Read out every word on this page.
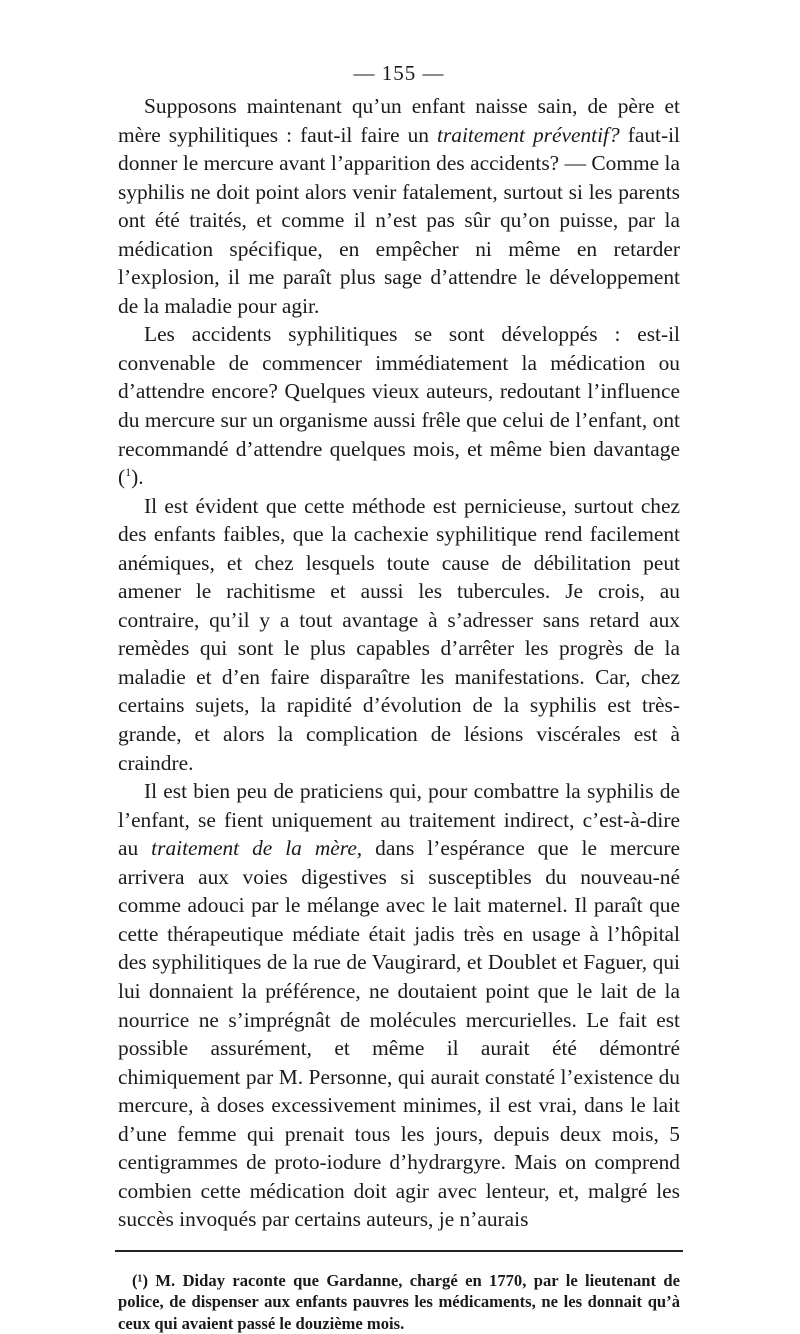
— 155 —

Supposons maintenant qu’un enfant naisse sain, de père et mère syphilitiques : faut-il faire un traitement préventif? faut-il donner le mercure avant l’apparition des accidents? — Comme la syphilis ne doit point alors venir fatalement, surtout si les parents ont été traités, et comme il n’est pas sûr qu’on puisse, par la médication spécifique, en empêcher ni même en retarder l’explosion, il me paraît plus sage d’attendre le développement de la maladie pour agir.

Les accidents syphilitiques se sont développés : est-il convenable de commencer immédiatement la médication ou d’attendre encore? Quelques vieux auteurs, redoutant l’influence du mercure sur un organisme aussi frêle que celui de l’enfant, ont recommandé d’attendre quelques mois, et même bien davantage ($^1$).

Il est évident que cette méthode est pernicieuse, surtout chez des enfants faibles, que la cachexie syphilitique rend facilement anémiques, et chez lesquels toute cause de débilitation peut amener le rachitisme et aussi les tubercules. Je crois, au contraire, qu’il y a tout avantage à s’adresser sans retard aux remèdes qui sont le plus capables d’arrêter les progrès de la maladie et d’en faire disparaître les manifestations. Car, chez certains sujets, la rapidité d’évolution de la syphilis est très-grande, et alors la complication de lésions viscérales est à craindre.

Il est bien peu de praticiens qui, pour combattre la syphilis de l’enfant, se fient uniquement au traitement indirect, c’est-à-dire au traitement de la mère, dans l’espérance que le mercure arrivera aux voies digestives si susceptibles du nouveau-né comme adouci par le mélange avec le lait maternel. Il paraît que cette thérapeutique médiate était jadis très en usage à l’hôpital des syphilitiques de la rue de Vaugirard, et Doublet et Faguer, qui lui donnaient la préférence, ne doutaient point que le lait de la nourrice ne s’imprégnât de molécules mercurielles. Le fait est possible assurément, et même il aurait été démontré chimiquement par M. Personne, qui aurait constaté l’existence du mercure, à doses excessivement minimes, il est vrai, dans le lait d’une femme qui prenait tous les jours, depuis deux mois, 5 centigrammes de proto-iodure d’hydrargyre. Mais on comprend combien cette médication doit agir avec lenteur, et, malgré les succès invoqués par certains auteurs, je n’aurais

(¹) M. Diday raconte que Gardanne, chargé en 1770, par le lieutenant de police, de dispenser aux enfants pauvres les médicaments, ne les donnait qu’à ceux qui avaient passé le douzième mois.
